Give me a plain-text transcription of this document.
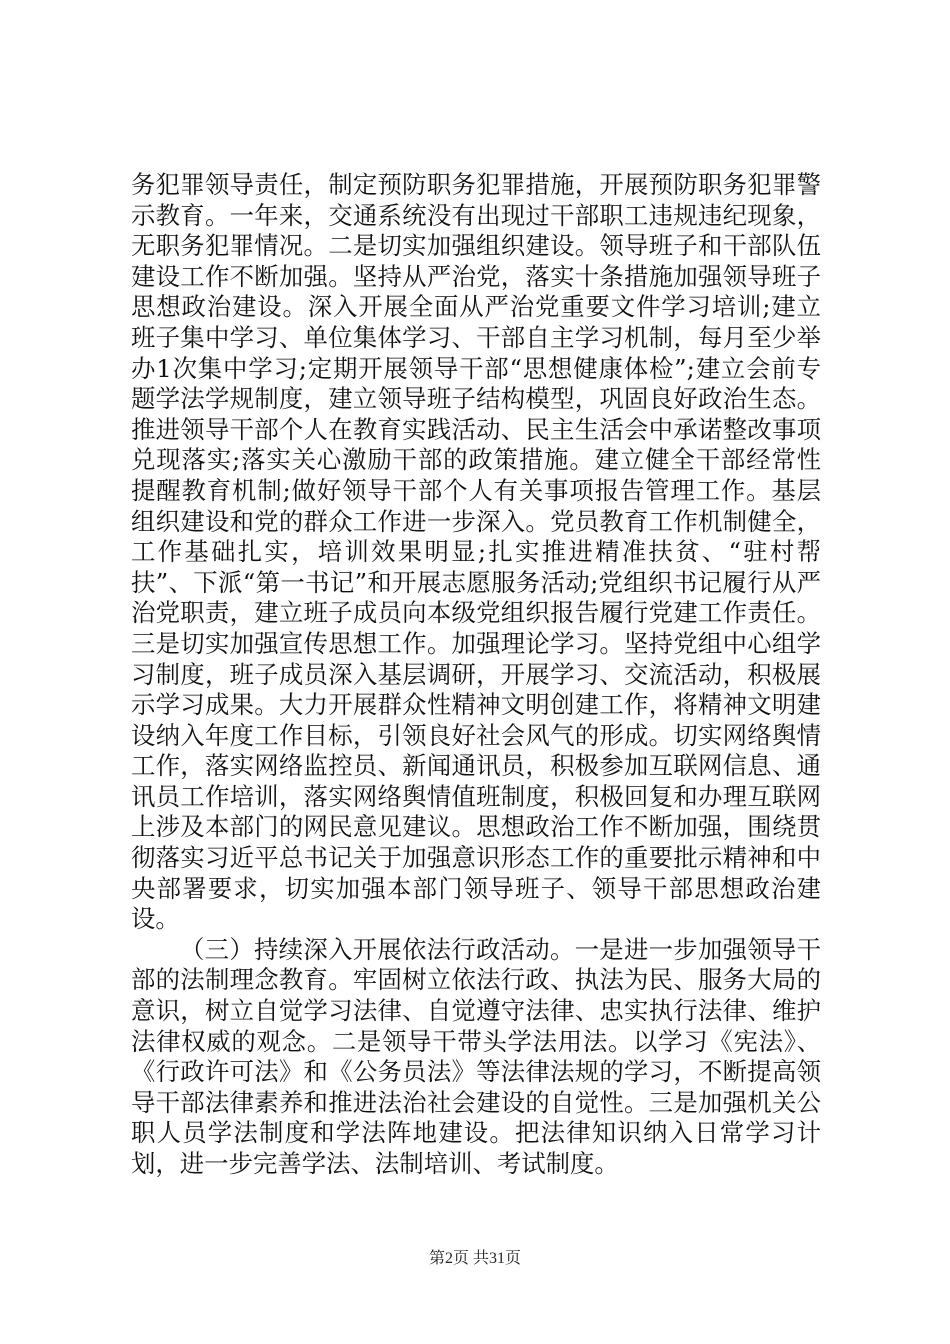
务犯罪领导责任，制定预防职务犯罪措施，开展预防职务犯罪警示教育。一年来，交通系统没有出现过干部职工违规违纪现象，无职务犯罪情况。二是切实加强组织建设。领导班子和干部队伍建设工作不断加强。坚持从严治党，落实十条措施加强领导班子思想政治建设。深入开展全面从严治党重要文件学习培训;建立班子集中学习、单位集体学习、干部自主学习机制，每月至少举办1次集中学习;定期开展领导干部“思想健康体检”;建立会前专题学法学规制度，建立领导班子结构模型，巩固良好政治生态。推进领导干部个人在教育实践活动、民主生活会中承诺整改事项兑现落实;落实关心激励干部的政策措施。建立健全干部经常性提醒教育机制;做好领导干部个人有关事项报告管理工作。基层组织建设和党的群众工作进一步深入。党员教育工作机制健全，工作基础扎实，培训效果明显;扎实推进精准扶贫、“驻村帮扶”、下派“第一书记”和开展志愿服务活动;党组织书记履行从严治党职责，建立班子成员向本级党组织报告履行党建工作责任。三是切实加强宣传思想工作。加强理论学习。坚持党组中心组学习制度，班子成员深入基层调研，开展学习、交流活动，积极展示学习成果。大力开展群众性精神文明创建工作，将精神文明建设纳入年度工作目标，引领良好社会风气的形成。切实网络舆情工作，落实网络监控员、新闻通讯员，积极参加互联网信息、通讯员工作培训，落实网络舆情值班制度，积极回复和办理互联网上涉及本部门的网民意见建议。思想政治工作不断加强，围绕贯彻落实习近平总书记关于加强意识形态工作的重要批示精神和中央部署要求，切实加强本部门领导班子、领导干部思想政治建设。

（三）持续深入开展依法行政活动。一是进一步加强领导干部的法制理念教育。牢固树立依法行政、执法为民、服务大局的意识，树立自觉学习法律、自觉遵守法律、忠实执行法律、维护法律权威的观念。二是领导干带头学法用法。以学习《宪法》、《行政许可法》和《公务员法》等法律法规的学习，不断提高领导干部法律素养和推进法治社会建设的自觉性。三是加强机关公职人员学法制度和学法阵地建设。把法律知识纳入日常学习计划，进一步完善学法、法制培训、考试制度。

第2页 共31页
